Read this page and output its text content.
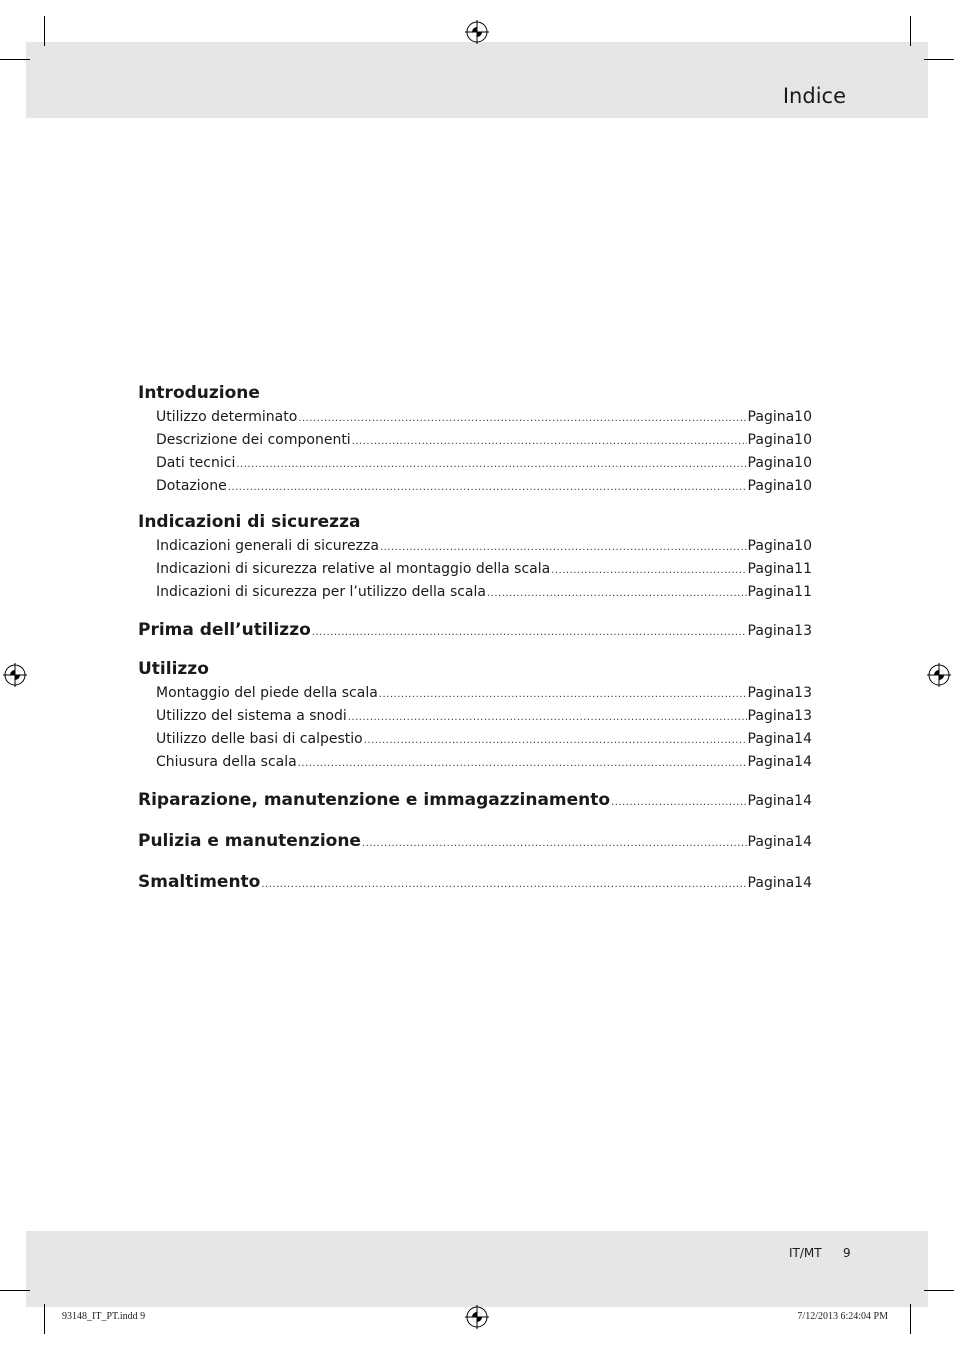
Indice
Introduzione
Utilizzo determinato .....	Pagina 10
Descrizione dei componenti .....	Pagina 10
Dati tecnici .....	Pagina 10
Dotazione .....	Pagina 10
Indicazioni di sicurezza
Indicazioni generali di sicurezza .....	Pagina 10
Indicazioni di sicurezza relative al montaggio della scala .....	Pagina 11
Indicazioni di sicurezza per l’utilizzo della scala .....	Pagina 11
Prima dell’utilizzo .....	Pagina 13
Utilizzo
Montaggio del piede della scala .....	Pagina 13
Utilizzo del sistema a snodi .....	Pagina 13
Utilizzo delle basi di calpestio .....	Pagina 14
Chiusura della scala .....	Pagina 14
Riparazione, manutenzione e immagazzinamento .....	Pagina 14
Pulizia e manutenzione .....	Pagina 14
Smaltimento .....	Pagina 14
IT/MT 9
93148_IT_PT.indd 9	7/12/2013 6:24:04 PM
